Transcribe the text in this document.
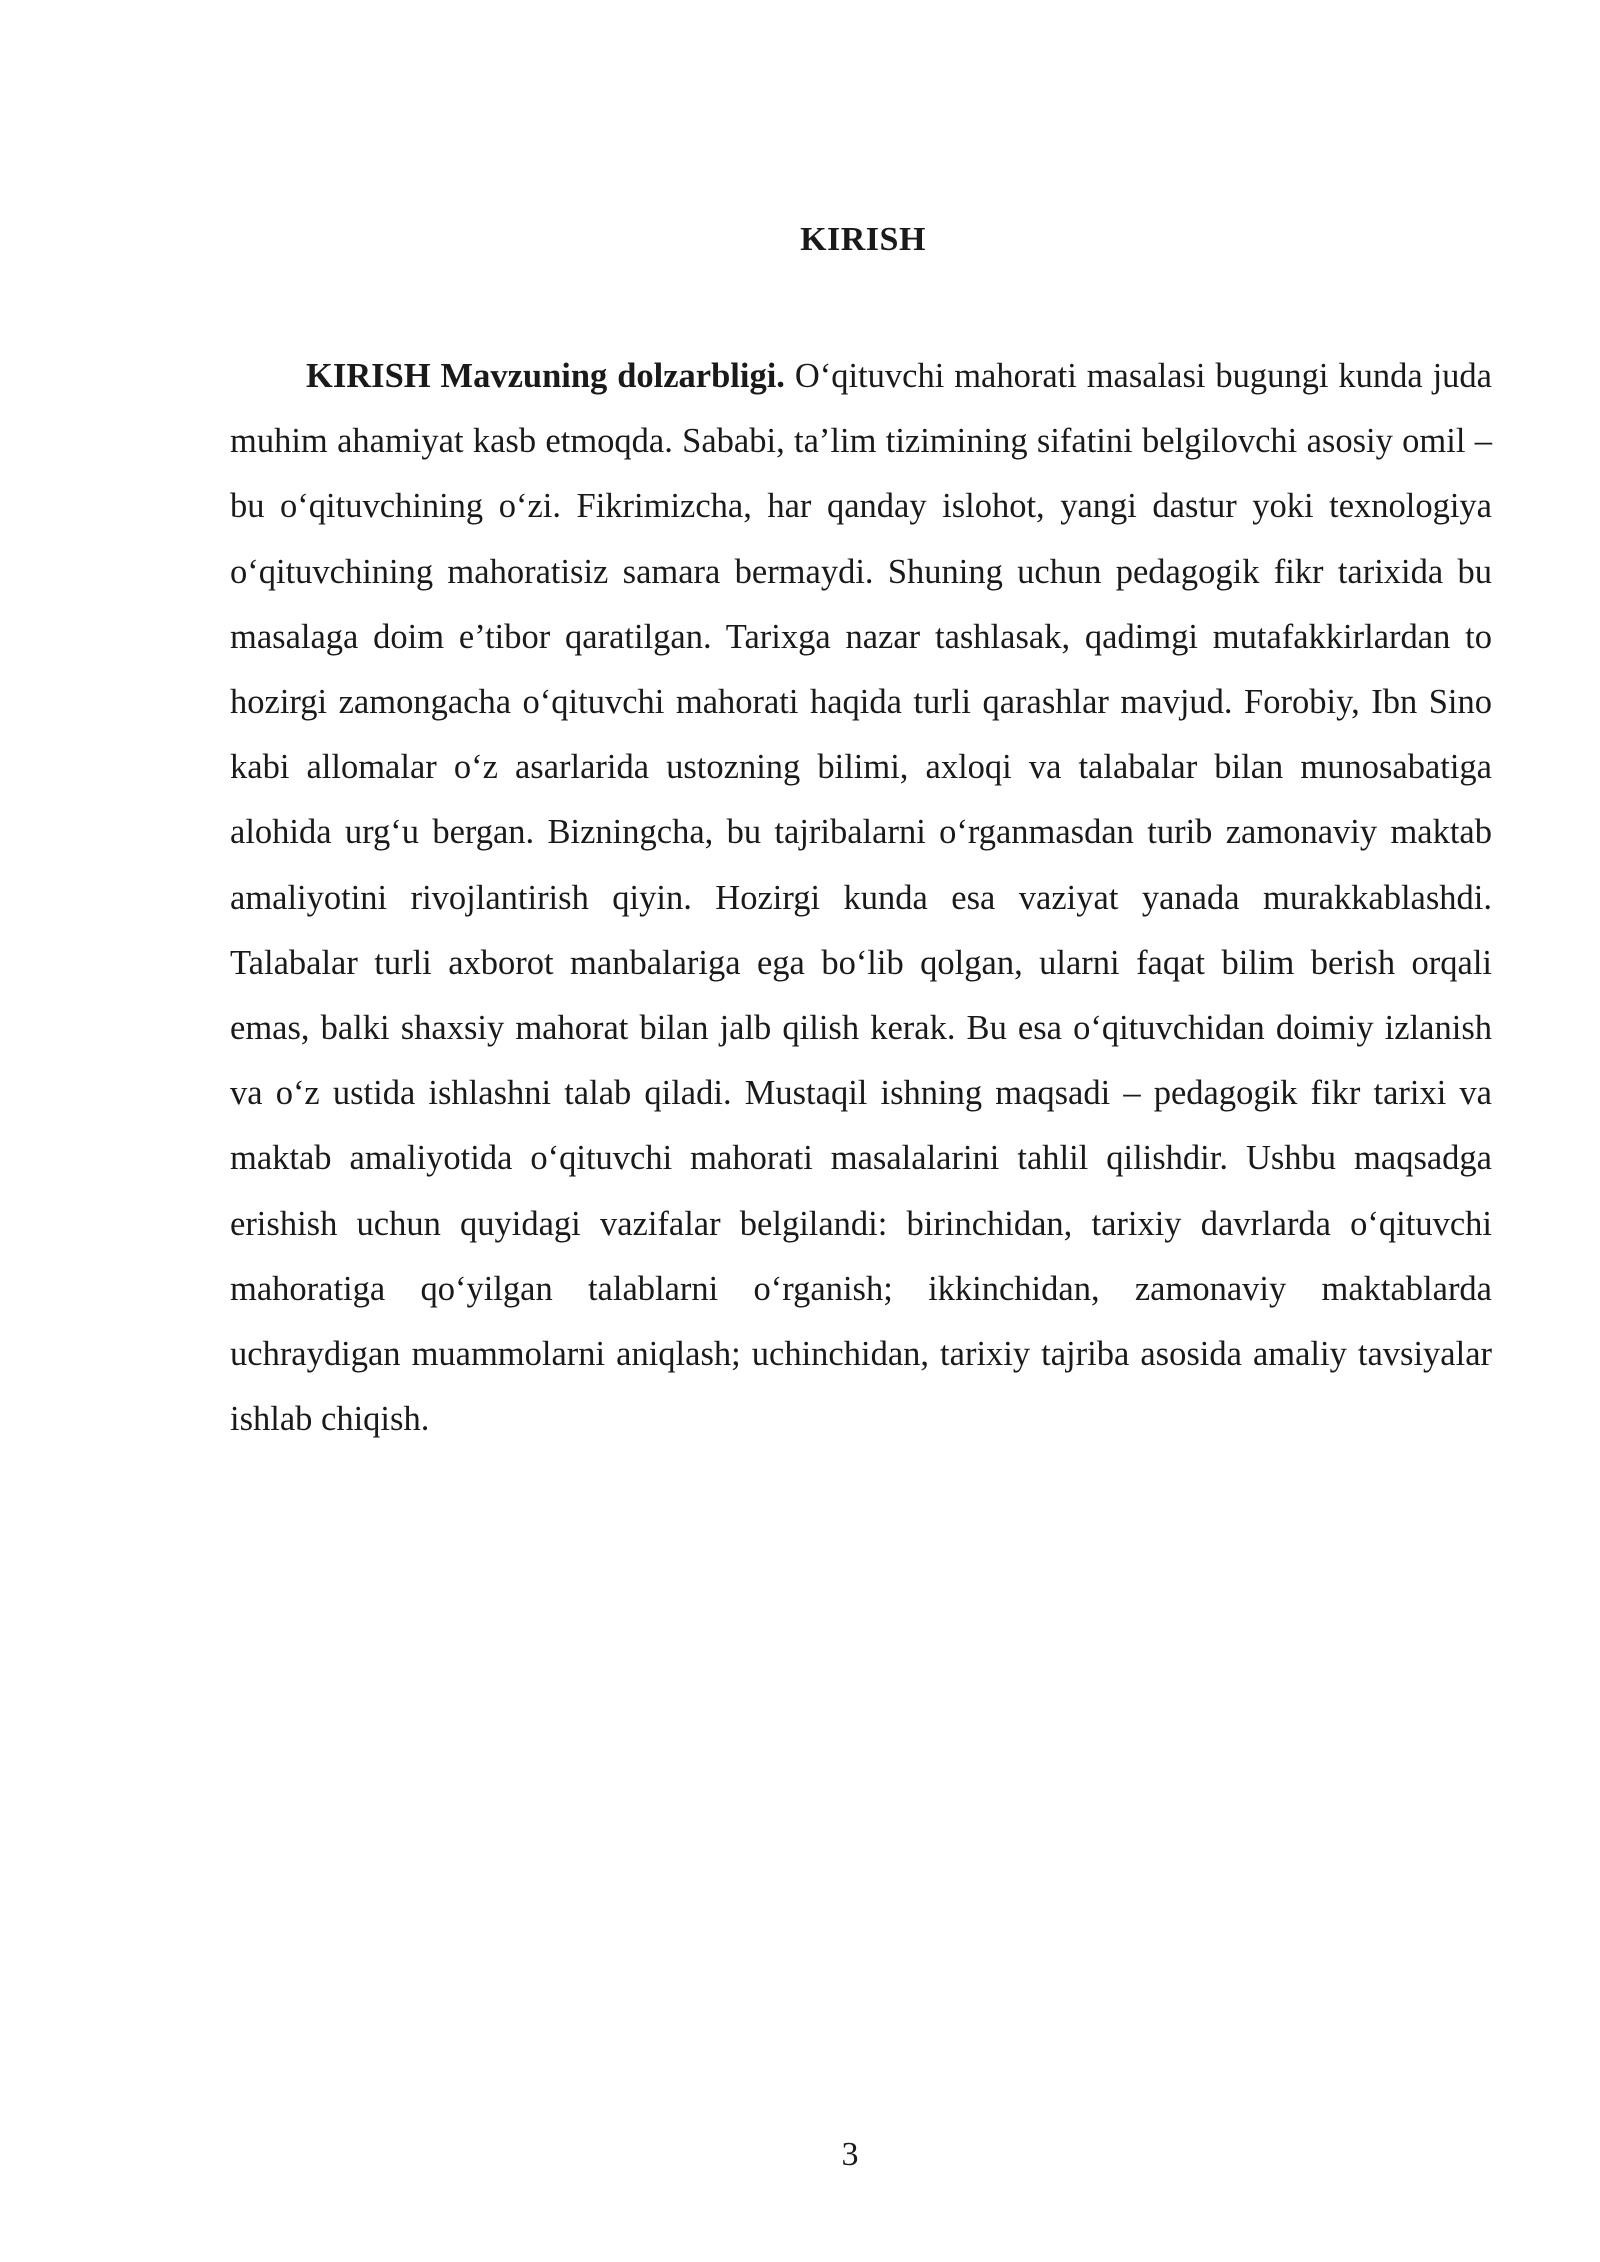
KIRISH

KIRISH Mavzuning dolzarbligi. O‘qituvchi mahorati masalasi bugungi kunda juda muhim ahamiyat kasb etmoqda. Sababi, ta’lim tizimining sifatini belgilovchi asosiy omil – bu o‘qituvchining o‘zi. Fikrimizcha, har qanday islohot, yangi dastur yoki texnologiya o‘qituvchining mahoratisiz samara bermaydi. Shuning uchun pedagogik fikr tarixida bu masalaga doim e’tibor qaratilgan. Tarixga nazar tashlasak, qadimgi mutafakkirlardan to hozirgi zamongacha o‘qituvchi mahorati haqida turli qarashlar mavjud. Forobiy, Ibn Sino kabi allomalar o‘z asarlarida ustozning bilimi, axloqi va talabalar bilan munosabatiga alohida urg‘u bergan. Bizningcha, bu tajribalarni o‘rganmasdan turib zamonaviy maktab amaliyotini rivojlantirish qiyin. Hozirgi kunda esa vaziyat yanada murakkablashdi. Talabalar turli axborot manbalariga ega bo‘lib qolgan, ularni faqat bilim berish orqali emas, balki shaxsiy mahorat bilan jalb qilish kerak. Bu esa o‘qituvchidan doimiy izlanish va o‘z ustida ishlashni talab qiladi. Mustaqil ishning maqsadi – pedagogik fikr tarixi va maktab amaliyotida o‘qituvchi mahorati masalalarini tahlil qilishdir. Ushbu maqsadga erishish uchun quyidagi vazifalar belgilandi: birinchidan, tarixiy davrlarda o‘qituvchi mahoratiga qo‘yilgan talablarni o‘rganish; ikkinchidan, zamonaviy maktablarda uchraydigan muammolarni aniqlash; uchinchidan, tarixiy tajriba asosida amaliy tavsiyalar ishlab chiqish.

3
